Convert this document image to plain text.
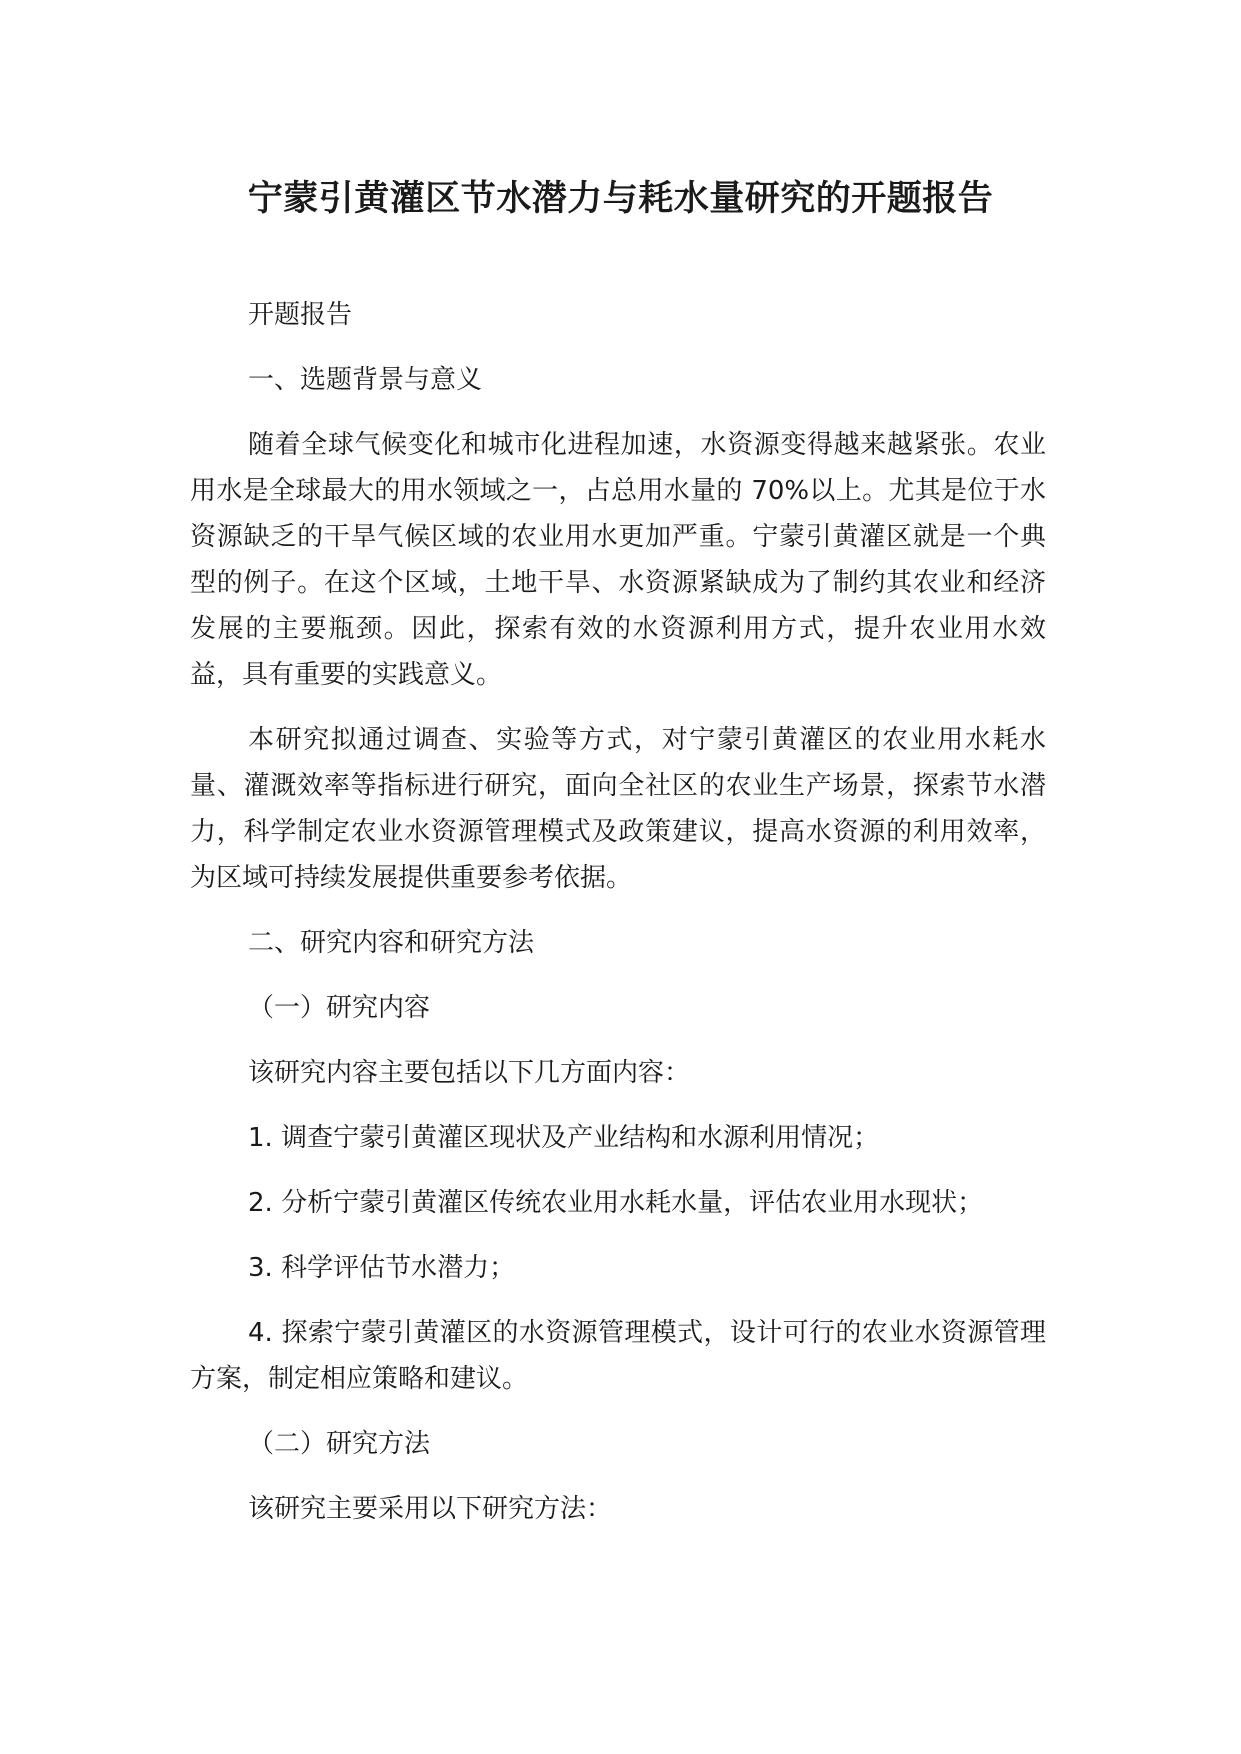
宁蒙引黄灌区节水潜力与耗水量研究的开题报告

开题报告

一、选题背景与意义

随着全球气候变化和城市化进程加速，水资源变得越来越紧张。农业用水是全球最大的用水领域之一，占总用水量的 70%以上。尤其是位于水资源缺乏的干旱气候区域的农业用水更加严重。宁蒙引黄灌区就是一个典型的例子。在这个区域，土地干旱、水资源紧缺成为了制约其农业和经济发展的主要瓶颈。因此，探索有效的水资源利用方式，提升农业用水效益，具有重要的实践意义。

本研究拟通过调查、实验等方式，对宁蒙引黄灌区的农业用水耗水量、灌溉效率等指标进行研究，面向全社区的农业生产场景，探索节水潜力，科学制定农业水资源管理模式及政策建议，提高水资源的利用效率，为区域可持续发展提供重要参考依据。

二、研究内容和研究方法

（一）研究内容

该研究内容主要包括以下几方面内容：

1. 调查宁蒙引黄灌区现状及产业结构和水源利用情况；

2. 分析宁蒙引黄灌区传统农业用水耗水量，评估农业用水现状；

3. 科学评估节水潜力；

4. 探索宁蒙引黄灌区的水资源管理模式，设计可行的农业水资源管理方案，制定相应策略和建议。

（二）研究方法

该研究主要采用以下研究方法：
